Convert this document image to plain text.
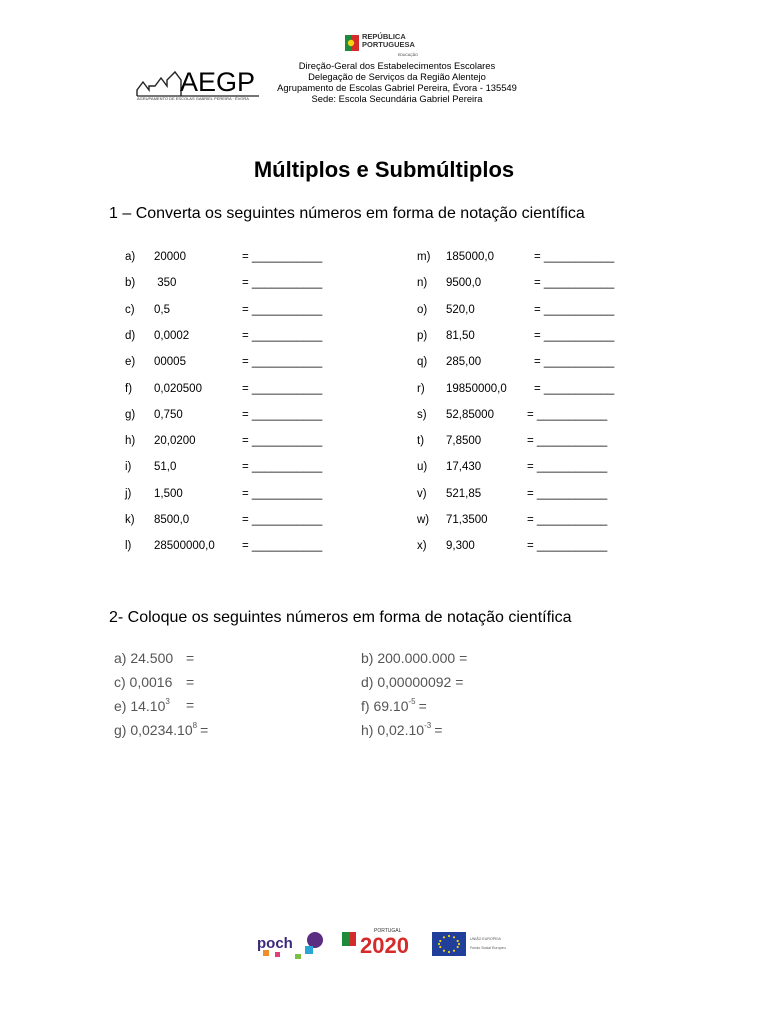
AEGP
AGRUPAMENTO DE ESCOLAS GABRIEL PEREIRA · ÉVORA
REPÚBLICA
PORTUGUESA
EDUCAÇÃO
Direção-Geral dos Estabelecimentos Escolares
Delegação de Serviços da Região Alentejo
Agrupamento de Escolas Gabriel Pereira, Évora - 135549
Sede: Escola Secundária Gabriel Pereira
Múltiplos e Submúltiplos
1 – Converta os seguintes números em forma de notação científica
a) 20000	= ___________
b) 350	= ___________
c) 0,5	= ___________
d) 0,0002	= ___________
e) 00005	= ___________
f) 0,020500	= ___________
g) 0,750	= ___________
h) 20,0200	= ___________
i) 51,0	= ___________
j) 1,500	= ___________
k) 8500,0	= ___________
l) 28500000,0 = ___________
m) 185000,0	= ___________
n) 9500,0	= ___________
o) 520,0	= ___________
p) 81,50	= ___________
q) 285,00	= ___________
r) 19850000,0 = ___________
s) 52,85000	= ___________
t) 7,8500	= ___________
u) 17,430	= ___________
v) 521,85	= ___________
w) 71,3500	= ___________
x) 9,300	= ___________
2- Coloque os seguintes números em forma de notação científica
a) 24.500 =	b) 200.000.000 =
c) 0,0016 =	d) 0,00000092 =
e) $14.10^3$ =	f) $69.10^{-5}$ =
g) $0,0234.10^8$ =	h) $0,02.10^{-3}$ =
poch
PORTUGAL
2020	UNIÃO EUROPEIA
Fundo Social Europeu
